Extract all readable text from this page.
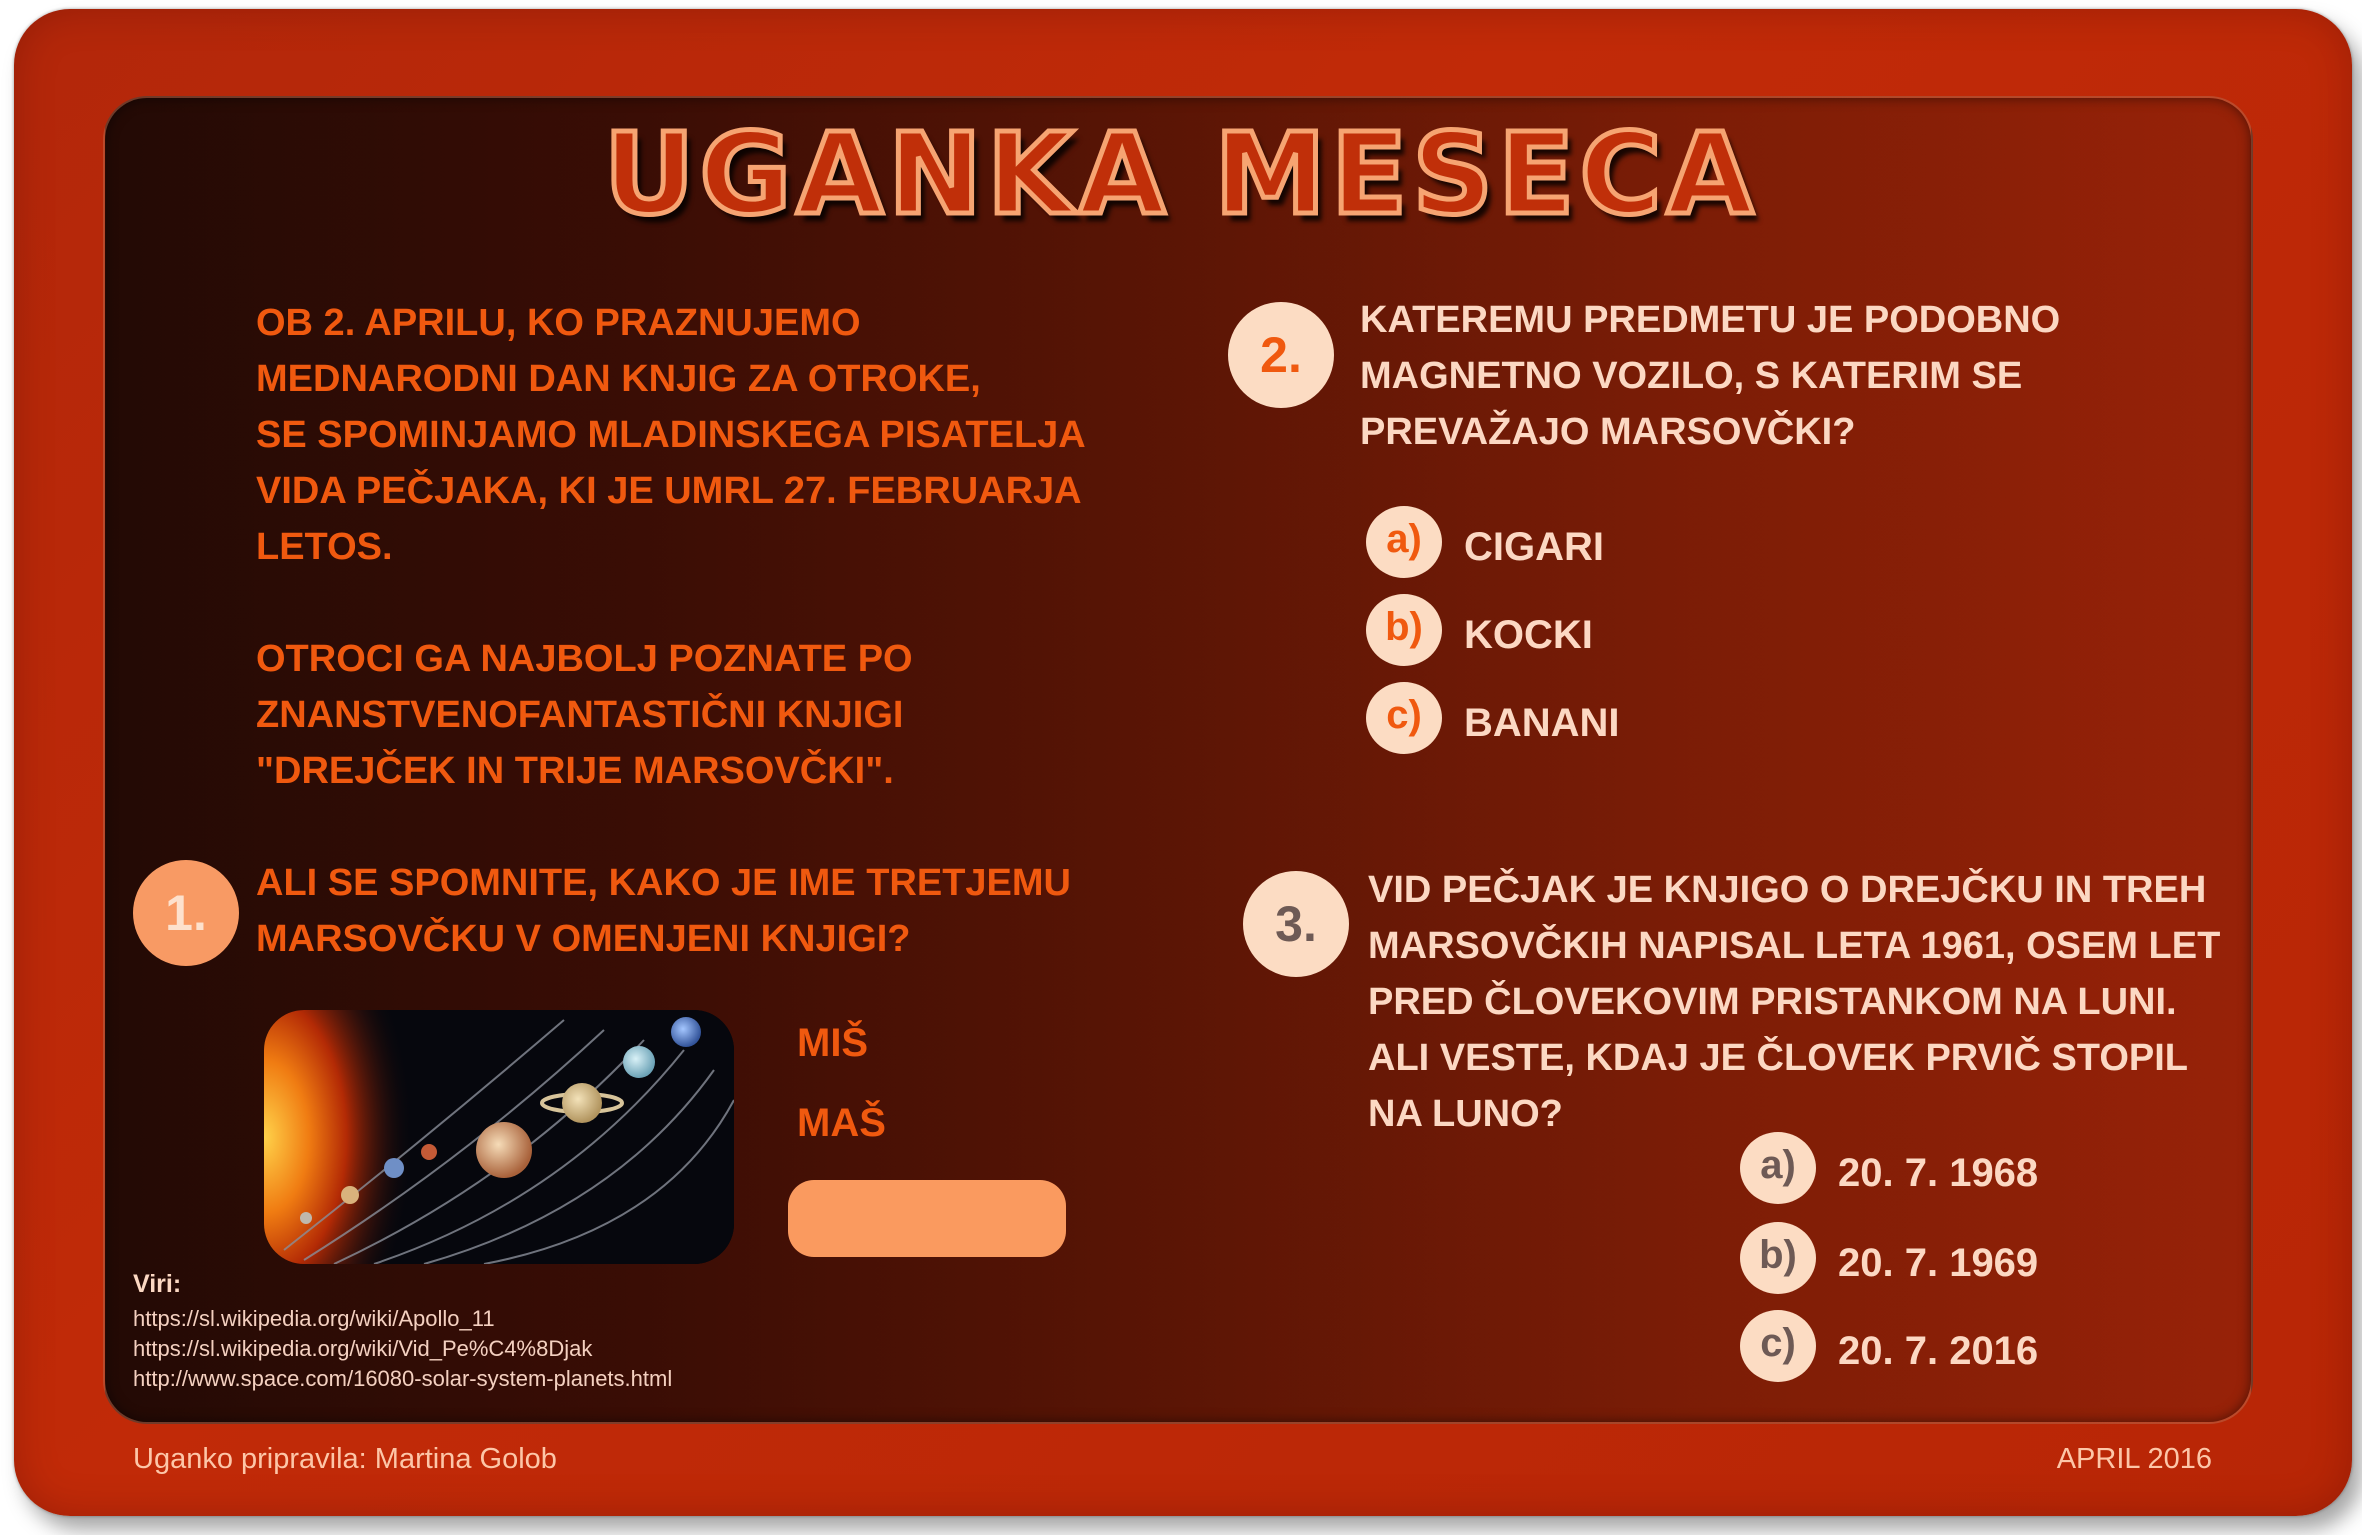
UGANKA MESECA
OB 2. APRILU, KO PRAZNUJEMO
MEDNARODNI DAN KNJIG ZA OTROKE,
SE SPOMINJAMO MLADINSKEGA PISATELJA
VIDA PEČJAKA, KI JE UMRL 27. FEBRUARJA
LETOS.
OTROCI GA NAJBOLJ POZNATE PO
ZNANSTVENOFANTASTIČNI KNJIGI
"DREJČEK IN TRIJE MARSOVČKI".
1.
ALI SE SPOMNITE, KAKO JE IME TRETJEMU
MARSOVČKU V OMENJENI KNJIGI?
MIŠ
MAŠ
2.
KATEREMU PREDMETU JE PODOBNO
MAGNETNO VOZILO, S KATERIM SE
PREVAŽAJO MARSOVČKI?
a)	CIGARI
b)	KOCKI
c)	BANANI
3.
VID PEČJAK JE KNJIGO O DREJČKU IN TREH
MARSOVČKIH NAPISAL LETA 1961, OSEM LET
PRED ČLOVEKOVIM PRISTANKOM NA LUNI.
ALI VESTE, KDAJ JE ČLOVEK PRVIČ STOPIL
NA LUNO?
a)	20. 7. 1968
b)	20. 7. 1969
c)	20. 7. 2016
Viri:
https://sl.wikipedia.org/wiki/Apollo_11
https://sl.wikipedia.org/wiki/Vid_Pe%C4%8Djak
http://www.space.com/16080-solar-system-planets.html
Uganko pripravila: Martina Golob	APRIL 2016
